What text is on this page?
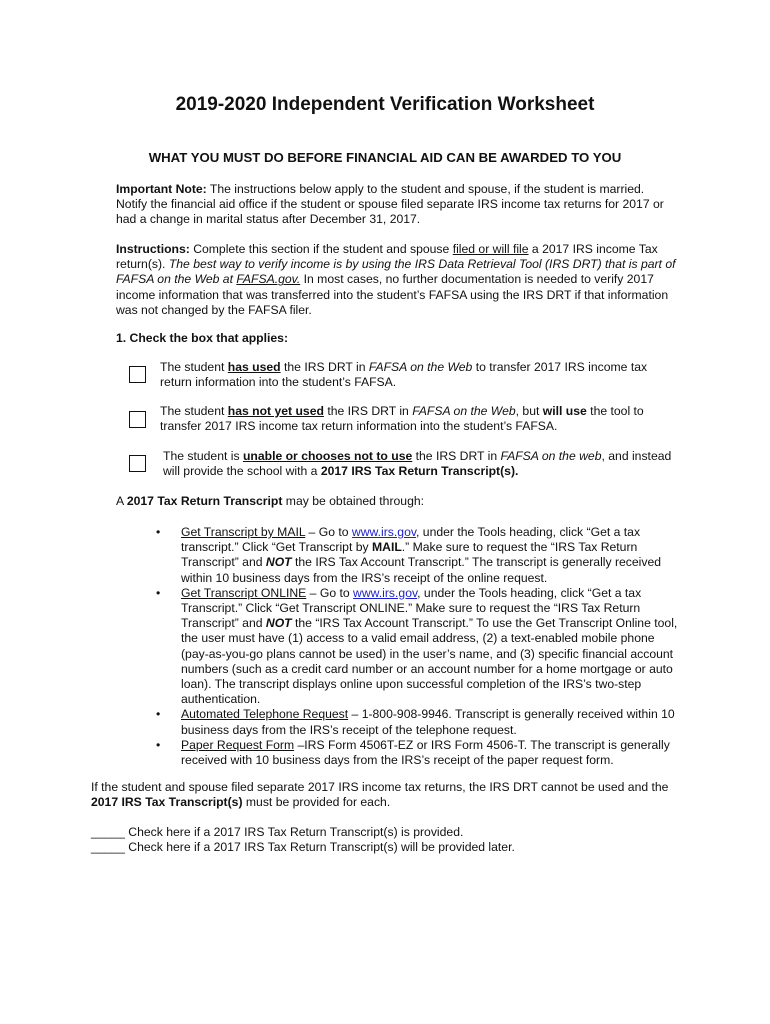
2019-2020 Independent Verification Worksheet
WHAT YOU MUST DO BEFORE FINANCIAL AID CAN BE AWARDED TO YOU
Important Note: The instructions below apply to the student and spouse, if the student is married. Notify the financial aid office if the student or spouse filed separate IRS income tax returns for 2017 or had a change in marital status after December 31, 2017.
Instructions: Complete this section if the student and spouse filed or will file a 2017 IRS income Tax return(s). The best way to verify income is by using the IRS Data Retrieval Tool (IRS DRT) that is part of FAFSA on the Web at FAFSA.gov. In most cases, no further documentation is needed to verify 2017 income information that was transferred into the student’s FAFSA using the IRS DRT if that information was not changed by the FAFSA filer.
1. Check the box that applies:
The student has used the IRS DRT in FAFSA on the Web to transfer 2017 IRS income tax return information into the student’s FAFSA.
The student has not yet used the IRS DRT in FAFSA on the Web, but will use the tool to transfer 2017 IRS income tax return information into the student’s FAFSA.
The student is unable or chooses not to use the IRS DRT in FAFSA on the web, and instead will provide the school with a 2017 IRS Tax Return Transcript(s).
A 2017 Tax Return Transcript may be obtained through:
• Get Transcript by MAIL – Go to www.irs.gov, under the Tools heading, click “Get a tax transcript.” Click “Get Transcript by MAIL.” Make sure to request the “IRS Tax Return Transcript” and NOT the IRS Tax Account Transcript.” The transcript is generally received within 10 business days from the IRS’s receipt of the online request.
• Get Transcript ONLINE – Go to www.irs.gov, under the Tools heading, click “Get a tax Transcript.” Click “Get Transcript ONLINE.” Make sure to request the “IRS Tax Return Transcript” and NOT the “IRS Tax Account Transcript.” To use the Get Transcript Online tool, the user must have (1) access to a valid email address, (2) a text-enabled mobile phone (pay-as-you-go plans cannot be used) in the user’s name, and (3) specific financial account numbers (such as a credit card number or an account number for a home mortgage or auto loan). The transcript displays online upon successful completion of the IRS’s two-step authentication.
• Automated Telephone Request – 1-800-908-9946. Transcript is generally received within 10 business days from the IRS’s receipt of the telephone request.
• Paper Request Form –IRS Form 4506T-EZ or IRS Form 4506-T. The transcript is generally received with 10 business days from the IRS’s receipt of the paper request form.
If the student and spouse filed separate 2017 IRS income tax returns, the IRS DRT cannot be used and the 2017 IRS Tax Transcript(s) must be provided for each.
_____ Check here if a 2017 IRS Tax Return Transcript(s) is provided.
_____ Check here if a 2017 IRS Tax Return Transcript(s) will be provided later.
